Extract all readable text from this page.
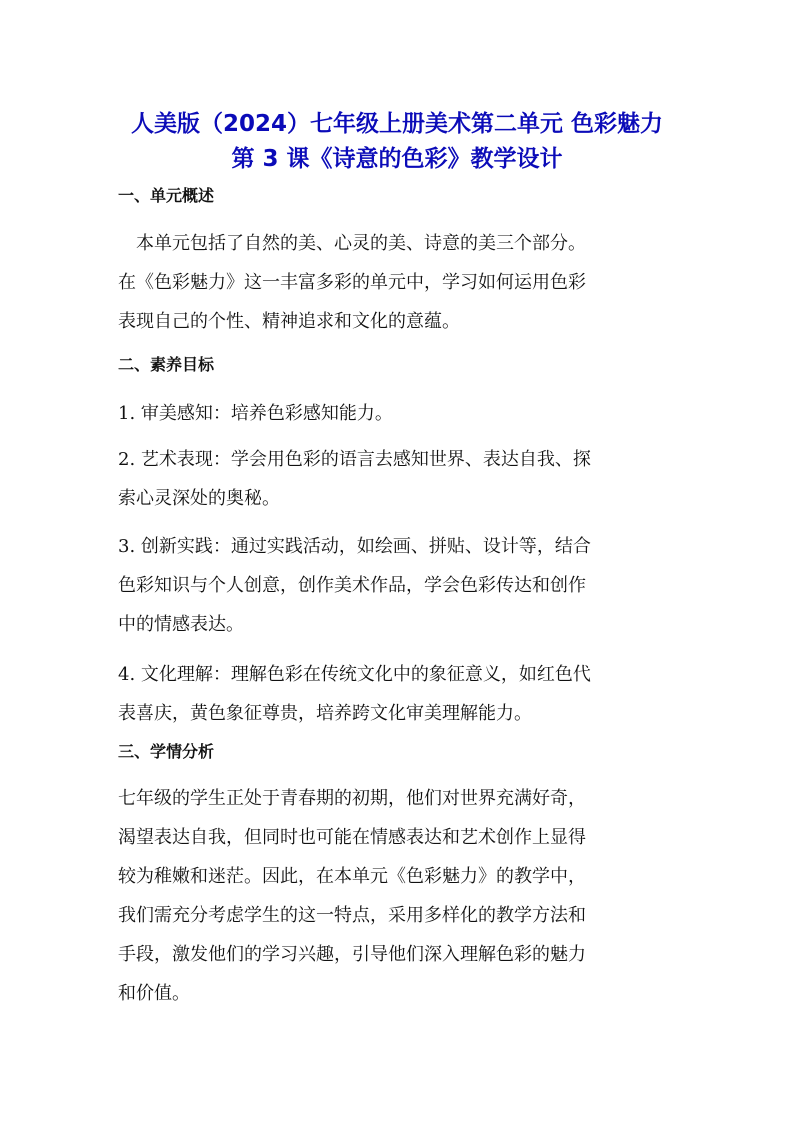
人美版（2024）七年级上册美术第二单元 色彩魅力
第 3 课《诗意的色彩》教学设计
一、单元概述

　本单元包括了自然的美、心灵的美、诗意的美三个部分。
在《色彩魅力》这一丰富多彩的单元中，学习如何运用色彩
表现自己的个性、精神追求和文化的意蕴。

二、素养目标

1. 审美感知：培养色彩感知能力。

2. 艺术表现：学会用色彩的语言去感知世界、表达自我、探
索心灵深处的奥秘。

3. 创新实践：通过实践活动，如绘画、拼贴、设计等，结合
色彩知识与个人创意，创作美术作品，学会色彩传达和创作
中的情感表达。

4. 文化理解：理解色彩在传统文化中的象征意义，如红色代
表喜庆，黄色象征尊贵，培养跨文化审美理解能力。

三、学情分析

七年级的学生正处于青春期的初期，他们对世界充满好奇，
渴望表达自我，但同时也可能在情感表达和艺术创作上显得
较为稚嫩和迷茫。因此，在本单元《色彩魅力》的教学中，
我们需充分考虑学生的这一特点，采用多样化的教学方法和
手段，激发他们的学习兴趣，引导他们深入理解色彩的魅力
和价值。
